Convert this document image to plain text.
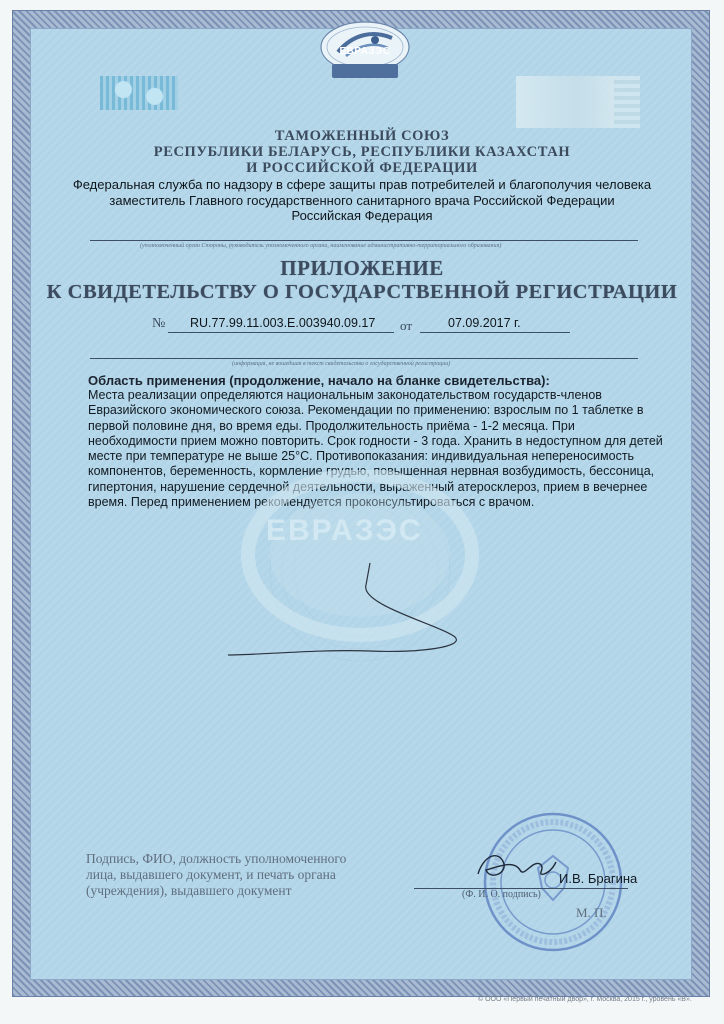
ЕВРАЗЭС
ТАМОЖЕННЫЙ СОЮЗ
РЕСПУБЛИКИ БЕЛАРУСЬ, РЕСПУБЛИКИ КАЗАХСТАН
И РОССИЙСКОЙ ФЕДЕРАЦИИ
Федеральная служба по надзору в сфере защиты прав потребителей и благополучия человека
заместитель Главного государственного санитарного врача Российской Федерации
Российская Федерация
(уполномоченный орган Стороны, руководитель уполномоченного органа, наименование административно-территориального образования)
ПРИЛОЖЕНИЕ
К СВИДЕТЕЛЬСТВУ О ГОСУДАРСТВЕННОЙ РЕГИСТРАЦИИ
№ RU.77.99.11.003.E.003940.09.17 от	07.09.2017 г.
(информация, не вошедшая в текст свидетельства о государственной регистрации)
Область применения (продолжение, начало на бланке свидетельства):
Места реализации определяются национальным законодательством государств-членов
Евразийского экономического союза. Рекомендации по применению: взрослым по 1 таблетке в
первой половине дня, во время еды. Продолжительность приёма - 1-2 месяца. При
необходимости прием можно повторить. Срок годности - 3 года. Хранить в недоступном для детей
месте при температуре не выше 25°С. Противопоказания: индивидуальная непереносимость
компонентов, беременность, кормление грудью, повышенная нервная возбудимость, бессоница,
гипертония, нарушение сердечной деятельности, выраженный атеросклероз, прием в вечернее
время. Перед применением рекомендуется проконсультироваться с врачом.
ЕВРАЗЭС
Подпись, ФИО, должность уполномоченного
лица, выдавшего документ, и печать органа
(учреждения), выдавшего документ
И.В. Брагина
(Ф. И. О. подпись)
М. П.
© ООО «Первый печатный двор», г. Москва, 2015 г., уровень «В».
